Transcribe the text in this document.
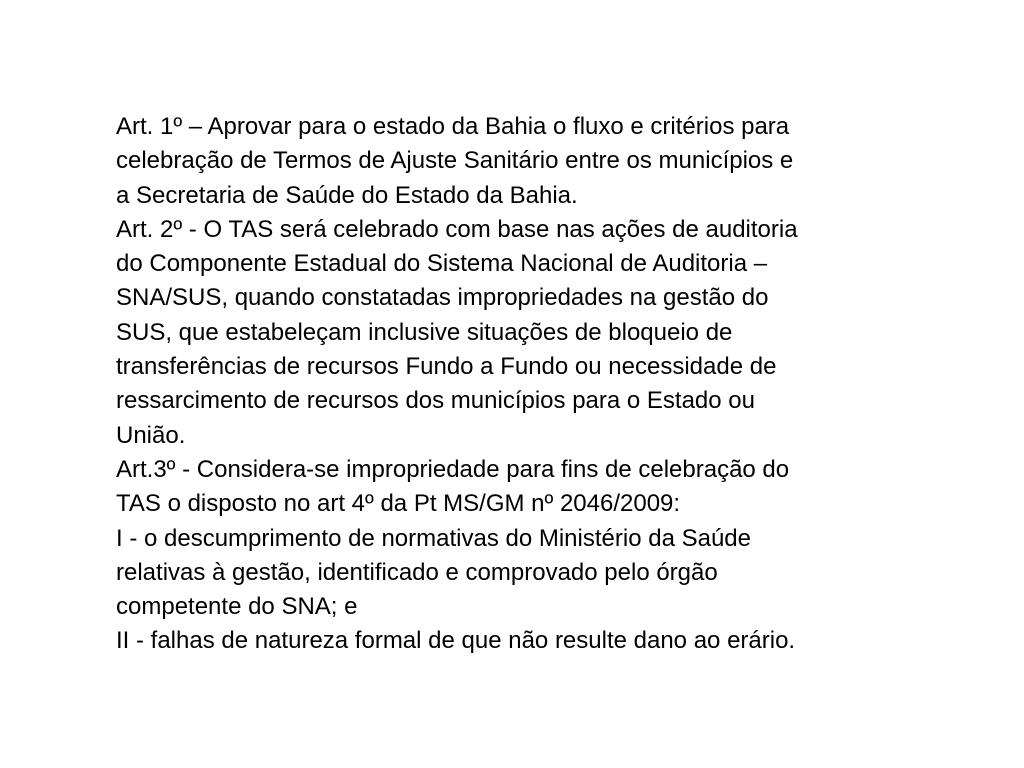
Art. 1º – Aprovar para o estado da Bahia o fluxo e critérios para
celebração de Termos de Ajuste Sanitário entre os municípios e
a Secretaria de Saúde do Estado da Bahia.

Art. 2º - O TAS será celebrado com base nas ações de auditoria
do Componente Estadual do Sistema Nacional de Auditoria –
SNA/SUS, quando constatadas impropriedades na gestão do
SUS, que estabeleçam inclusive situações de bloqueio de
transferências de recursos Fundo a Fundo ou necessidade de
ressarcimento de recursos dos municípios para o Estado ou
União.

Art.3º - Considera-se impropriedade para fins de celebração do
TAS o disposto no art 4º da Pt MS/GM nº 2046/2009:

I - o descumprimento de normativas do Ministério da Saúde
relativas à gestão, identificado e comprovado pelo órgão
competente do SNA; e

II - falhas de natureza formal de que não resulte dano ao erário.
